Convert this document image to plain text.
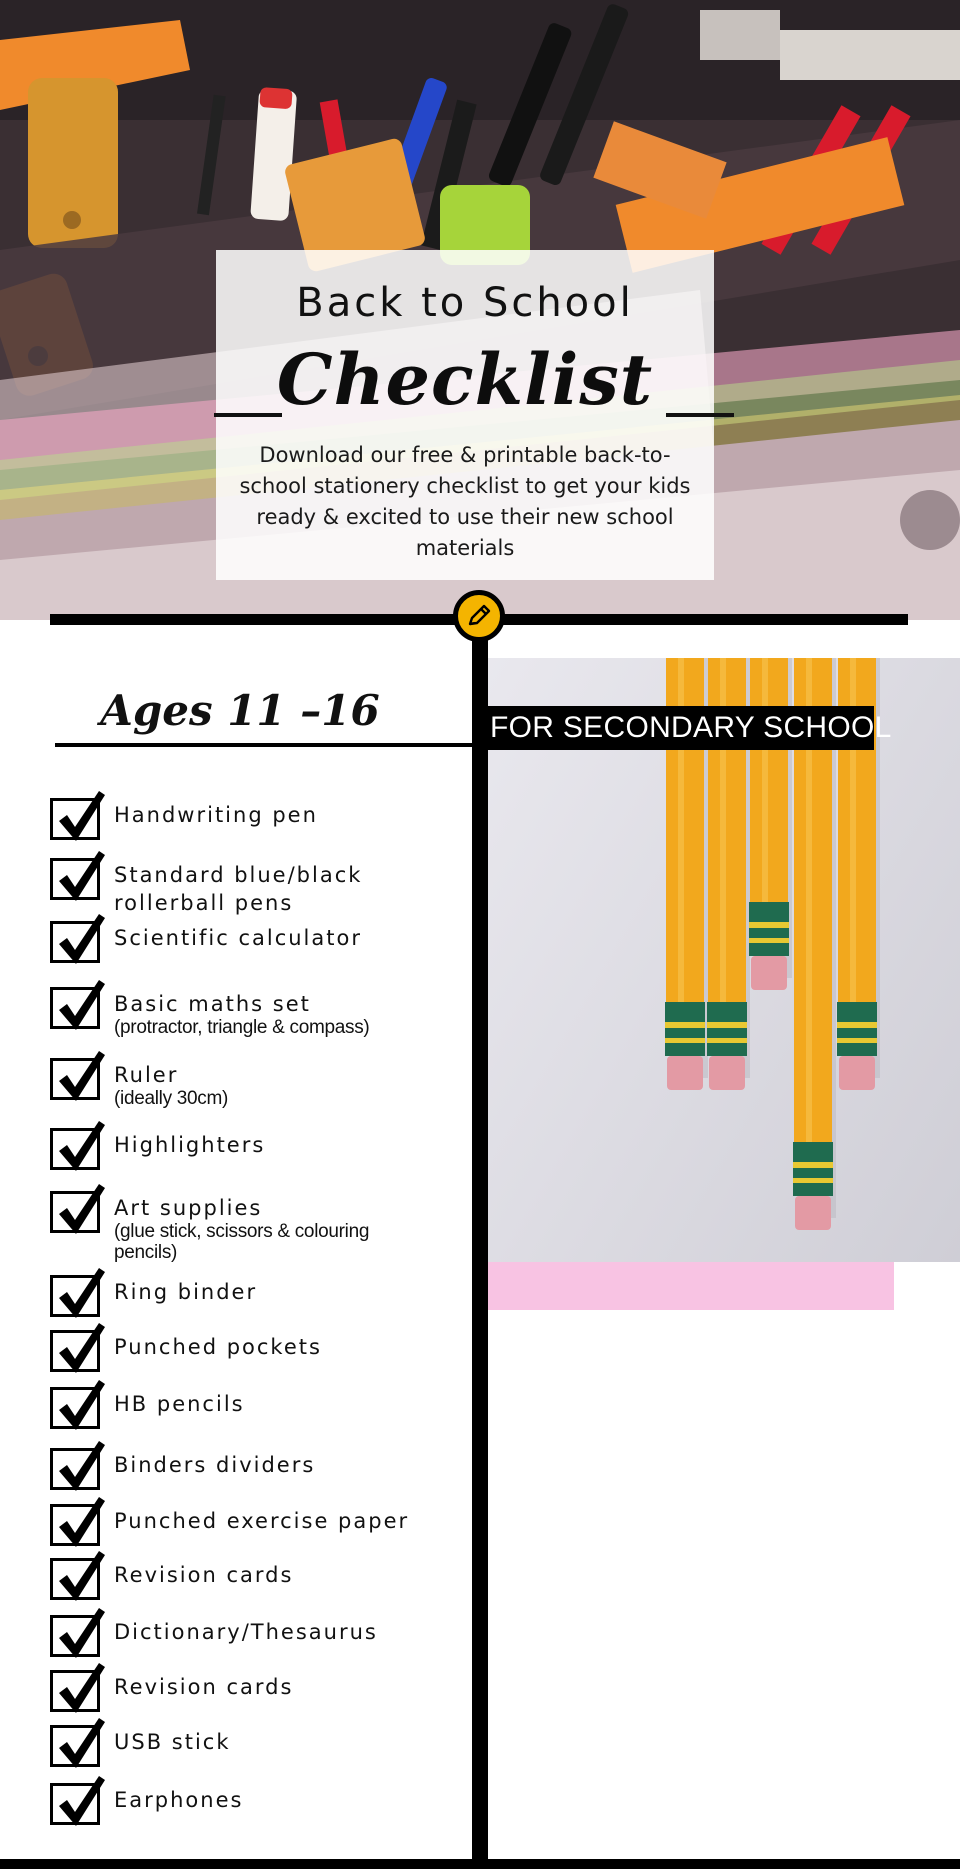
Back to School
Checklist
Download our free & printable back-to-school stationery checklist to get your kids ready & excited to use their new school materials
Ages 11 –16
Handwriting pen
Standard blue/black
rollerball pens
Scientific calculator
Basic maths set
(protractor, triangle & compass)
Ruler
(ideally 30cm)
Highlighters
Art supplies
(glue stick, scissors & colouring
pencils)
Ring binder
Punched pockets
HB pencils
Binders dividers
Punched exercise paper
Revision cards
Dictionary/Thesaurus
Revision cards
USB stick
Earphones
FOR SECONDARY SCHOOL
